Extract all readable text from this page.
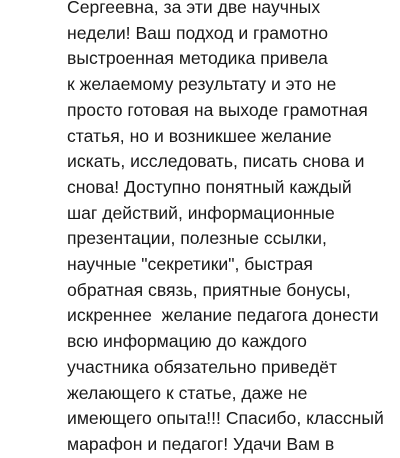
Сергеевна, за эти две научных
недели! Ваш подход и грамотно
выстроенная методика привела
к желаемому результату и это не
просто готовая на выходе грамотная
статья, но и возникшее желание
искать, исследовать, писать снова и
снова! Доступно понятный каждый
шаг действий, информационные
презентации, полезные ссылки,
научные "секретики", быстрая
обратная связь, приятные бонусы,
искреннее  желание педагога донести
всю информацию до каждого
участника обязательно приведёт
желающего к статье, даже не
имеющего опыта!!! Спасибо, классный
марафон и педагог! Удачи Вам в
